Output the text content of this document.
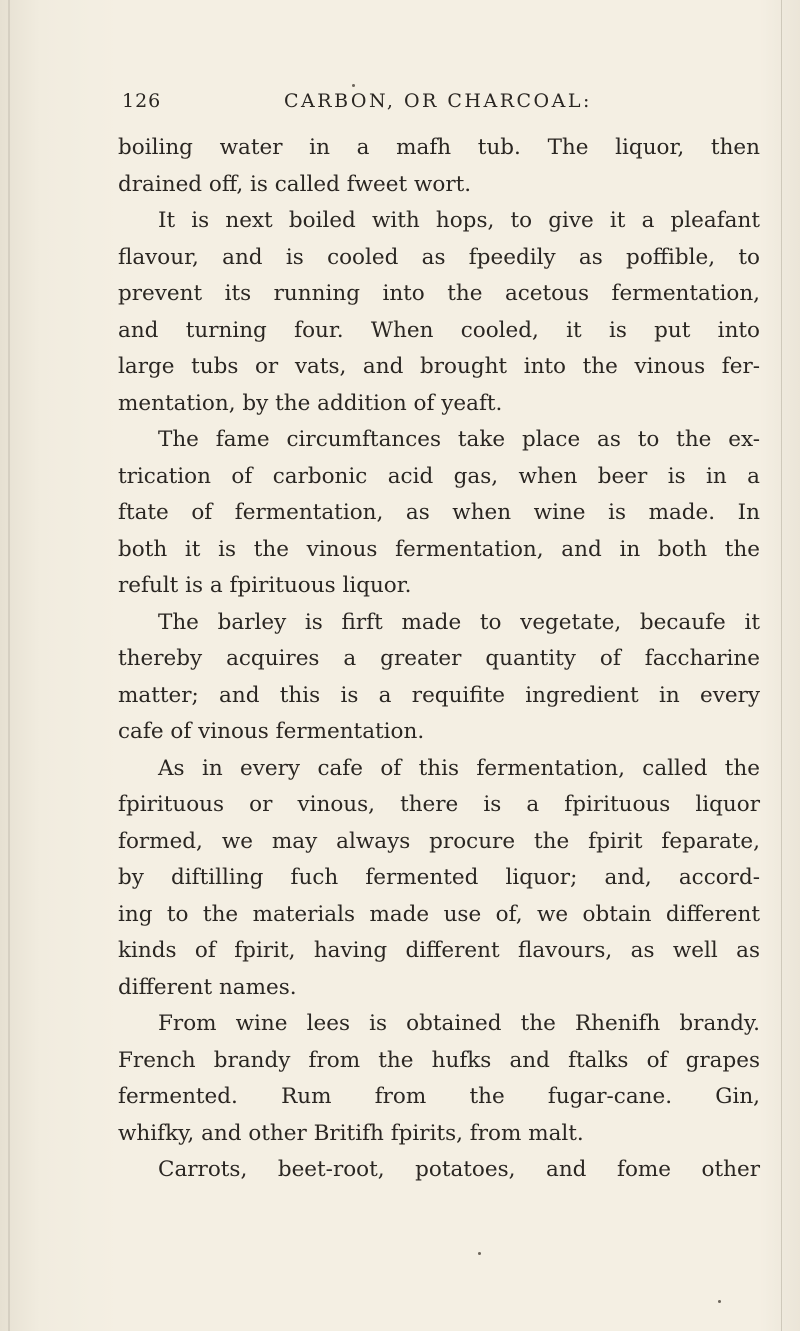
126	CARBON, OR CHARCOAL:
boiling water in a mafh tub. The liquor, then
drained off, is called fweet wort.
It is next boiled with hops, to give it a pleafant
flavour, and is cooled as fpeedily as poffible, to
prevent its running into the acetous fermentation,
and turning four. When cooled, it is put into
large tubs or vats, and brought into the vinous fer-
mentation, by the addition of yeaft.
The fame circumftances take place as to the ex-
trication of carbonic acid gas, when beer is in a
ftate of fermentation, as when wine is made. In
both it is the vinous fermentation, and in both the
refult is a fpirituous liquor.
The barley is firft made to vegetate, becaufe it
thereby acquires a greater quantity of faccharine
matter; and this is a requifite ingredient in every
cafe of vinous fermentation.
As in every cafe of this fermentation, called the
fpirituous or vinous, there is a fpirituous liquor
formed, we may always procure the fpirit feparate,
by diftilling fuch fermented liquor; and, accord-
ing to the materials made use of, we obtain different
kinds of fpirit, having different flavours, as well as
different names.
From wine lees is obtained the Rhenifh brandy.
French brandy from the hufks and ftalks of grapes
fermented. Rum from the fugar-cane. Gin,
whifky, and other Britifh fpirits, from malt.
Carrots, beet-root, potatoes, and fome other
